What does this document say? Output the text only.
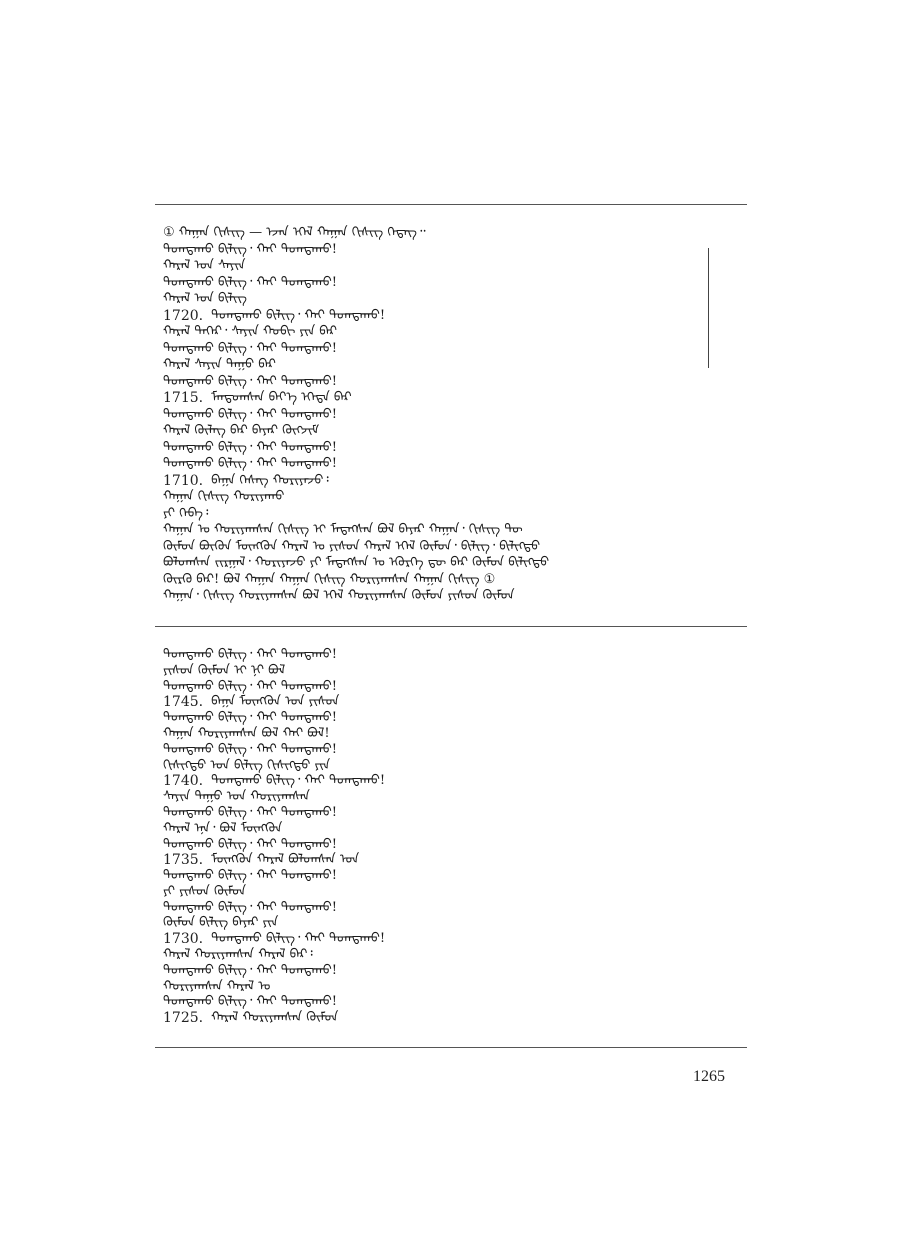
① ᠬᠠᠭᠠᠨ ᠬᠢᠰᠢᠭ — ᠡᠵᠡᠨ ᠡᠭᠡᠯ ᠬᠠᠭᠠᠨ ᠬᠢᠰᠢᠭ ᠭᠡᠳᠡᠭ᠃
ᠳᠣᠭᠳᠠᠬᠤ ᠪᠢᠯᠢᠭ᠂ ᠬᠠᠢ ᠳᠣᠭᠳᠠᠬᠤ!
ᠬᠠᠷᠠᠯ ᠣᠨ ᠰᠠᠶᠢᠨ
ᠳᠣᠭᠳᠠᠬᠤ ᠪᠢᠯᠢᠭ᠂ ᠬᠠᠢ ᠳᠣᠭᠳᠠᠬᠤ!
ᠬᠠᠷᠠᠯ ᠣᠨ ᠪᠢᠯᠢᠭ
1720. ᠳᠣᠭᠳᠠᠬᠤ ᠪᠢᠯᠢᠭ᠂ ᠬᠠᠢ ᠳᠣᠭᠳᠠᠬᠤ!
ᠬᠠᠷᠠᠯ ᠳᠡᠭᠡᠷ᠂ ᠰᠠᠶᠢᠨ ᠬᠤᠪᠢ ᠶᠢᠨ ᠪᠡᠷ
ᠳᠣᠭᠳᠠᠬᠤ ᠪᠢᠯᠢᠭ᠂ ᠬᠠᠢ ᠳᠣᠭᠳᠠᠬᠤ!
ᠬᠠᠷᠠᠯ ᠰᠠᠶᠢᠨ ᠳᠠᠭᠤ ᠪᠡᠷ
ᠳᠣᠭᠳᠠᠬᠤ ᠪᠢᠯᠢᠭ᠂ ᠬᠠᠢ ᠳᠣᠭᠳᠠᠬᠤ!
1715. ᠮᠠᠨᠳᠤᠭᠰᠠᠨ ᠪᠡᠶ᠎ᠡ ᠡᠭᠡᠳᠡ ᠪᠡᠷ
ᠳᠣᠭᠳᠠᠬᠤ ᠪᠢᠯᠢᠭ᠂ ᠬᠠᠢ ᠳᠣᠭᠳᠠᠬᠤ!
ᠬᠠᠷᠠᠯ ᠬᠥᠯᠡᠭ ᠪᠡᠷ ᠪᠠᠶᠠᠷ ᠬᠥᠭᠵᠢᠮ
ᠳᠣᠭᠳᠠᠬᠤ ᠪᠢᠯᠢᠭ᠂ ᠬᠠᠢ ᠳᠣᠭᠳᠠᠬᠤ!
ᠳᠣᠭᠳᠠᠬᠤ ᠪᠢᠯᠢᠭ᠂ ᠬᠠᠢ ᠳᠣᠭᠳᠠᠬᠤ!
1710. ᠪᠠᠭᠠ ᠬᠡᠰᠡᠭ ᠬᠤᠷᠢᠶᠠᠵᠤ᠄
ᠬᠠᠭᠠᠨ ᠬᠢᠰᠢᠭ ᠬᠤᠷᠢᠶᠠᠬᠤ
ᠶᠢ ᠭᠡᠪᠡ᠄
ᠬᠠᠭᠠᠨ ᠣ ᠬᠤᠷᠢᠶᠠᠭᠰᠠᠨ ᠬᠢᠰᠢᠭ ᠢ ᠮᠡᠳᠡᠭᠰᠡᠨ ᠪᠣᠯ ᠪᠠᠶᠠᠷ ᠬᠠᠭᠠᠨ᠂ ᠬᠢᠰᠢᠭ ᠲᠦ
ᠬᠥᠮᠦᠨ ᠪᠦᠬᠦᠨ ᠮᠥᠩᠭᠦᠨ ᠬᠠᠷᠠᠯ ᠣ ᠶᠢᠰᠦᠨ ᠬᠠᠷᠠᠯ ᠡᠭᠡᠯ ᠬᠥᠮᠦᠨ᠂ ᠪᠢᠯᠢᠭ᠂ ᠪᠢᠯᠢᠭᠲᠦ
ᠪᠣᠯᠤᠭᠰᠠᠨ ᠵᠢᠷᠭᠠᠯ᠂ ᠬᠤᠷᠢᠶᠠᠵᠤ ᠶᠢ ᠮᠡᠳᠡᠭᠰᠡᠨ ᠣ ᠡᠭᠦᠷᠭᠡ ᠳᠦ ᠪᠡᠷ ᠬᠥᠮᠦᠨ ᠪᠢᠯᠢᠭᠲᠦ
ᠬᠦᠷᠬᠦ ᠪᠡᠷ! ᠪᠣᠯ ᠬᠠᠭᠠᠨ ᠬᠠᠭᠠᠨ ᠬᠢᠰᠢᠭ ᠬᠤᠷᠢᠶᠠᠭᠰᠠᠨ ᠬᠠᠭᠠᠨ ᠬᠢᠰᠢᠭ ①
ᠬᠠᠭᠠᠨ᠂ ᠬᠢᠰᠢᠭ ᠬᠤᠷᠢᠶᠠᠭᠰᠠᠨ ᠪᠣᠯ ᠡᠭᠡᠯ ᠬᠤᠷᠢᠶᠠᠭᠰᠠᠨ ᠬᠥᠮᠦᠨ ᠶᠢᠰᠦᠨ ᠬᠥᠮᠦᠨ
ᠳᠣᠭᠳᠠᠬᠤ ᠪᠢᠯᠢᠭ᠂ ᠬᠠᠢ ᠳᠣᠭᠳᠠᠬᠤ!
ᠶᠢᠰᠦᠨ ᠬᠥᠮᠦᠨ ᠢ ᠨᠢ ᠪᠣᠯ
ᠳᠣᠭᠳᠠᠬᠤ ᠪᠢᠯᠢᠭ᠂ ᠬᠠᠢ ᠳᠣᠭᠳᠠᠬᠤ!
1745. ᠪᠠᠭᠠ ᠮᠥᠩᠭᠦᠨ ᠣᠨ ᠶᠢᠰᠦᠨ
ᠳᠣᠭᠳᠠᠬᠤ ᠪᠢᠯᠢᠭ᠂ ᠬᠠᠢ ᠳᠣᠭᠳᠠᠬᠤ!
ᠬᠠᠭᠠᠨ ᠬᠤᠷᠢᠶᠠᠭᠰᠠᠨ ᠪᠣᠯ ᠬᠠᠢ ᠪᠣᠯ!
ᠳᠣᠭᠳᠠᠬᠤ ᠪᠢᠯᠢᠭ᠂ ᠬᠠᠢ ᠳᠣᠭᠳᠠᠬᠤ!
ᠬᠢᠰᠢᠭᠲᠦ ᠣᠨ ᠪᠢᠯᠢᠭ ᠬᠢᠰᠢᠭᠲᠦ ᠶᠢᠨ
1740. ᠳᠣᠭᠳᠠᠬᠤ ᠪᠢᠯᠢᠭ᠂ ᠬᠠᠢ ᠳᠣᠭᠳᠠᠬᠤ!
ᠰᠠᠶᠢᠨ ᠳᠠᠭᠤ ᠣᠨ ᠬᠤᠷᠢᠶᠠᠭᠰᠠᠨ
ᠳᠣᠭᠳᠠᠬᠤ ᠪᠢᠯᠢᠭ᠂ ᠬᠠᠢ ᠳᠣᠭᠳᠠᠬᠤ!
ᠬᠠᠷᠠᠯ ᠡᠨᠡ᠂ ᠪᠣᠯ ᠮᠥᠩᠭᠦᠨ
ᠳᠣᠭᠳᠠᠬᠤ ᠪᠢᠯᠢᠭ᠂ ᠬᠠᠢ ᠳᠣᠭᠳᠠᠬᠤ!
1735. ᠮᠥᠩᠭᠦᠨ ᠬᠠᠷᠠᠯ ᠪᠣᠯᠤᠭᠰᠠᠨ ᠣᠨ
ᠳᠣᠭᠳᠠᠬᠤ ᠪᠢᠯᠢᠭ᠂ ᠬᠠᠢ ᠳᠣᠭᠳᠠᠬᠤ!
ᠶᠢ ᠶᠢᠰᠦᠨ ᠬᠥᠮᠦᠨ
ᠳᠣᠭᠳᠠᠬᠤ ᠪᠢᠯᠢᠭ᠂ ᠬᠠᠢ ᠳᠣᠭᠳᠠᠬᠤ!
ᠬᠥᠮᠦᠨ ᠪᠢᠯᠢᠭ ᠪᠠᠶᠠᠷ ᠶᠢᠨ
1730. ᠳᠣᠭᠳᠠᠬᠤ ᠪᠢᠯᠢᠭ᠂ ᠬᠠᠢ ᠳᠣᠭᠳᠠᠬᠤ!
ᠬᠠᠷᠠᠯ ᠬᠤᠷᠢᠶᠠᠭᠰᠠᠨ ᠬᠠᠷᠠᠯ ᠪᠡᠷ᠄
ᠳᠣᠭᠳᠠᠬᠤ ᠪᠢᠯᠢᠭ᠂ ᠬᠠᠢ ᠳᠣᠭᠳᠠᠬᠤ!
ᠬᠤᠷᠢᠶᠠᠭᠰᠠᠨ ᠬᠠᠷᠠᠯ ᠣ
ᠳᠣᠭᠳᠠᠬᠤ ᠪᠢᠯᠢᠭ᠂ ᠬᠠᠢ ᠳᠣᠭᠳᠠᠬᠤ!
1725. ᠬᠠᠷᠠᠯ ᠬᠤᠷᠢᠶᠠᠭᠰᠠᠨ ᠬᠥᠮᠦᠨ
1265
